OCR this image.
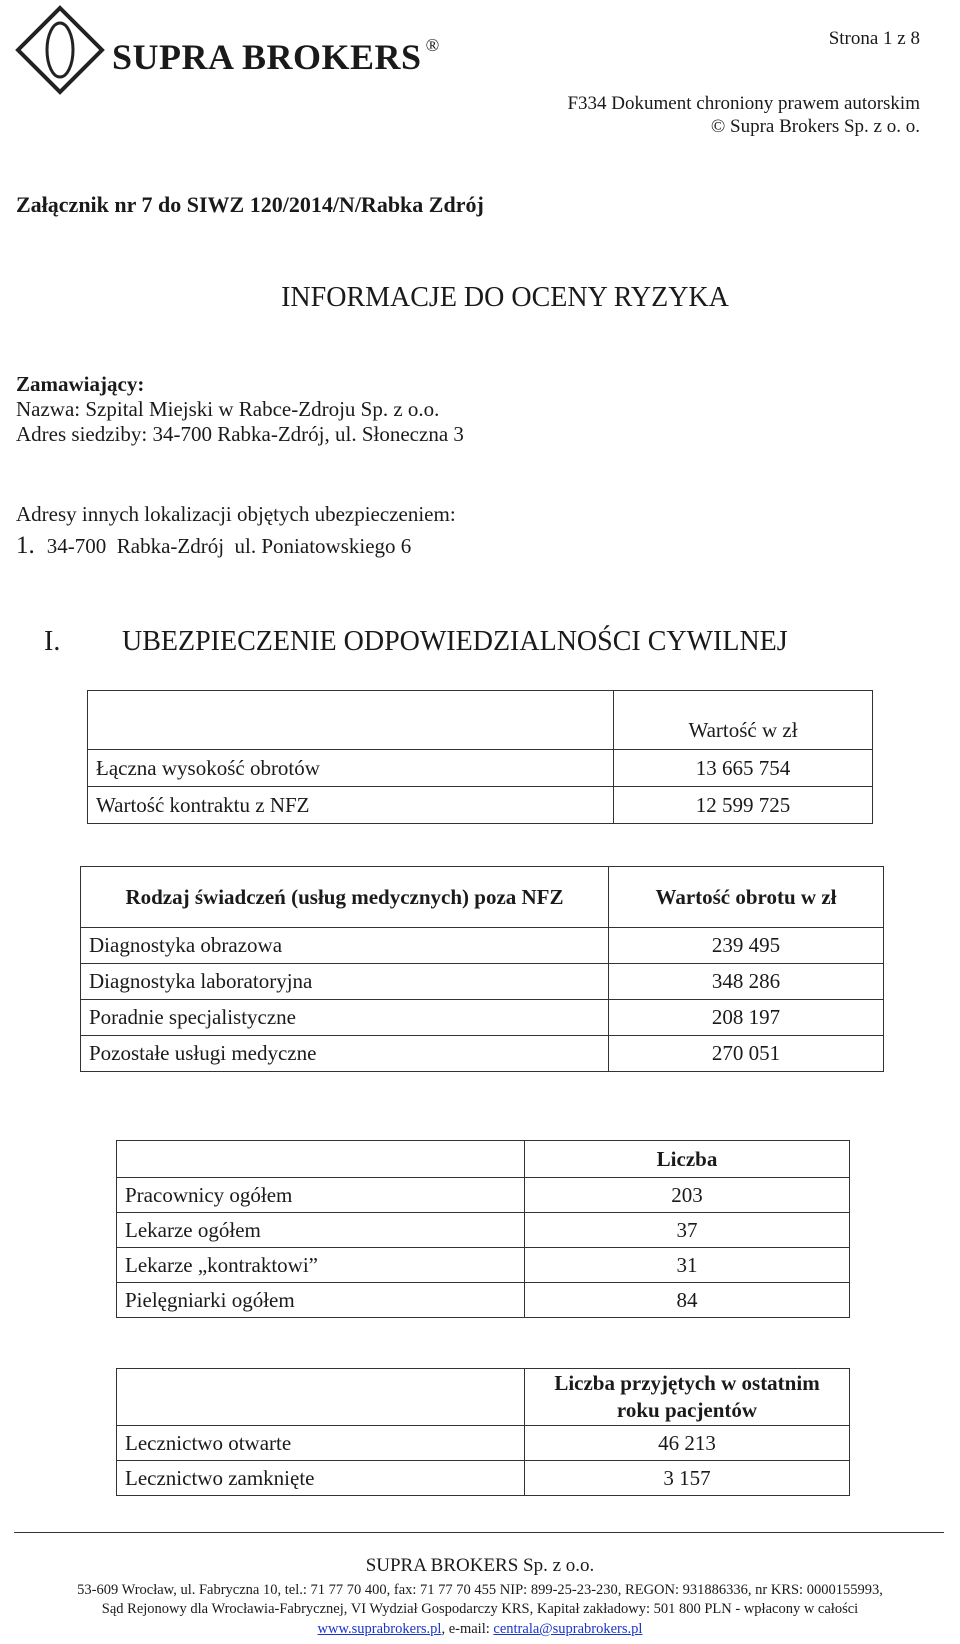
SUPRA BROKERS ®	Strona 1 z 8
F334 Dokument chroniony prawem autorskim
© Supra Brokers Sp. z o. o.
Załącznik nr 7 do SIWZ 120/2014/N/Rabka Zdrój
INFORMACJE DO OCENY RYZYKA
Zamawiający:
Nazwa: Szpital Miejski w Rabce-Zdroju Sp. z o.o.
Adres siedziby: 34-700 Rabka-Zdrój, ul. Słoneczna 3
Adresy innych lokalizacji objętych ubezpieczeniem:
1. 34-700  Rabka-Zdrój  ul. Poniatowskiego 6
I. UBEZPIECZENIE ODPOWIEDZIALNOŚCI CYWILNEJ
	Wartość w zł
Łączna wysokość obrotów	13 665 754
Wartość kontraktu z NFZ	12 599 725
Rodzaj świadczeń (usług medycznych) poza NFZ	Wartość obrotu w zł
Diagnostyka obrazowa	239 495
Diagnostyka laboratoryjna	348 286
Poradnie specjalistyczne	208 197
Pozostałe usługi medyczne	270 051
	Liczba
Pracownicy ogółem	203
Lekarze ogółem	37
Lekarze „kontraktowi”	31
Pielęgniarki ogółem	84
	Liczba przyjętych w ostatnim roku pacjentów
Lecznictwo otwarte	46 213
Lecznictwo zamknięte	3 157
SUPRA BROKERS Sp. z o.o.
53-609 Wrocław, ul. Fabryczna 10, tel.: 71 77 70 400, fax: 71 77 70 455 NIP: 899-25-23-230, REGON: 931886336, nr KRS: 0000155993,
Sąd Rejonowy dla Wrocławia-Fabrycznej, VI Wydział Gospodarczy KRS, Kapitał zakładowy: 501 800 PLN - wpłacony w całości
www.suprabrokers.pl, e-mail: centrala@suprabrokers.pl
